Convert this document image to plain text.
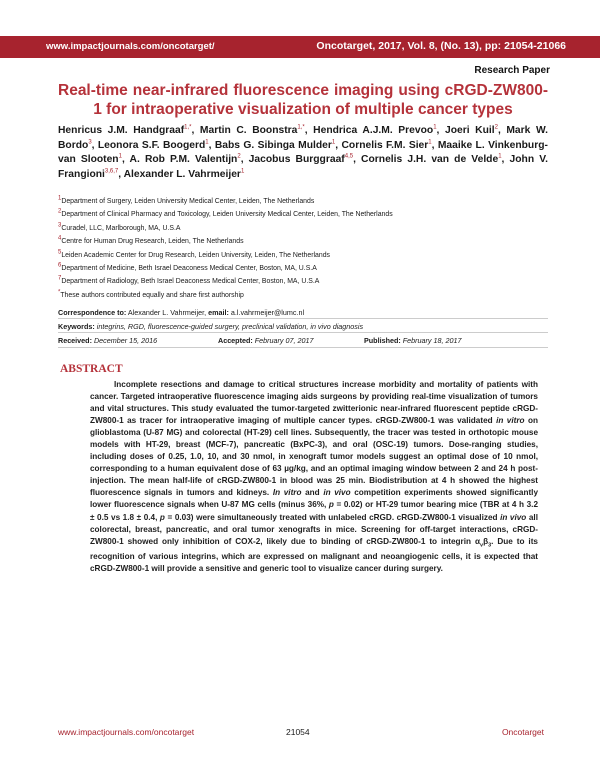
www.impactjournals.com/oncotarget/	Oncotarget, 2017, Vol. 8, (No. 13), pp: 21054-21066
Research Paper
Real-time near-infrared fluorescence imaging using cRGD-ZW800-1 for intraoperative visualization of multiple cancer types
Henricus J.M. Handgraaf$^{1,*}$, Martin C. Boonstra$^{1,*}$, Hendrica A.J.M. Prevoo$^1$, Joeri Kuil$^2$, Mark W. Bordo$^3$, Leonora S.F. Boogerd$^1$, Babs G. Sibinga Mulder$^1$, Cornelis F.M. Sier$^1$, Maaike L. Vinkenburg-van Slooten$^1$, A. Rob P.M. Valentijn$^2$, Jacobus Burggraaf$^{4,5}$, Cornelis J.H. van de Velde$^1$, John V. Frangioni$^{3,6,7}$, Alexander L. Vahrmeijer$^1$
$^1$Department of Surgery, Leiden University Medical Center, Leiden, The Netherlands
$^2$Department of Clinical Pharmacy and Toxicology, Leiden University Medical Center, Leiden, The Netherlands
$^3$Curadel, LLC, Marlborough, MA, U.S.A
$^4$Centre for Human Drug Research, Leiden, The Netherlands
$^5$Leiden Academic Center for Drug Research, Leiden University, Leiden, The Netherlands
$^6$Department of Medicine, Beth Israel Deaconess Medical Center, Boston, MA, U.S.A
$^7$Department of Radiology, Beth Israel Deaconess Medical Center, Boston, MA, U.S.A
*These authors contributed equally and share first authorship
Correspondence to: Alexander L. Vahrmeijer, email: a.l.vahrmeijer@lumc.nl
Keywords: integrins, RGD, fluorescence-guided surgery, preclinical validation, in vivo diagnosis
Received: December 15, 2016	Accepted: February 07, 2017	Published: February 18, 2017
ABSTRACT

Incomplete resections and damage to critical structures increase morbidity and mortality of patients with cancer. Targeted intraoperative fluorescence imaging aids surgeons by providing real-time visualization of tumors and vital structures. This study evaluated the tumor-targeted zwitterionic near-infrared fluorescent peptide cRGD-ZW800-1 as tracer for intraoperative imaging of multiple cancer types. cRGD-ZW800-1 was validated in vitro on glioblastoma (U-87 MG) and colorectal (HT-29) cell lines. Subsequently, the tracer was tested in orthotopic mouse models with HT-29, breast (MCF-7), pancreatic (BxPC-3), and oral (OSC-19) tumors. Dose-ranging studies, including doses of 0.25, 1.0, 10, and 30 nmol, in xenograft tumor models suggest an optimal dose of 10 nmol, corresponding to a human equivalent dose of 63 µg/kg, and an optimal imaging window between 2 and 24 h post-injection. The mean half-life of cRGD-ZW800-1 in blood was 25 min. Biodistribution at 4 h showed the highest fluorescence signals in tumors and kidneys. In vitro and in vivo competition experiments showed significantly lower fluorescence signals when U-87 MG cells (minus 36%, p = 0.02) or HT-29 tumor bearing mice (TBR at 4 h 3.2 ± 0.5 vs 1.8 ± 0.4, p = 0.03) were simultaneously treated with unlabeled cRGD. cRGD-ZW800-1 visualized in vivo all colorectal, breast, pancreatic, and oral tumor xenografts in mice. Screening for off-target interactions, cRGD-ZW800-1 showed only inhibition of COX-2, likely due to binding of cRGD-ZW800-1 to integrin $\alpha_v\beta_3$. Due to its recognition of various integrins, which are expressed on malignant and neoangiogenic cells, it is expected that cRGD-ZW800-1 will provide a sensitive and generic tool to visualize cancer during surgery.

www.impactjournals.com/oncotarget	21054	Oncotarget
